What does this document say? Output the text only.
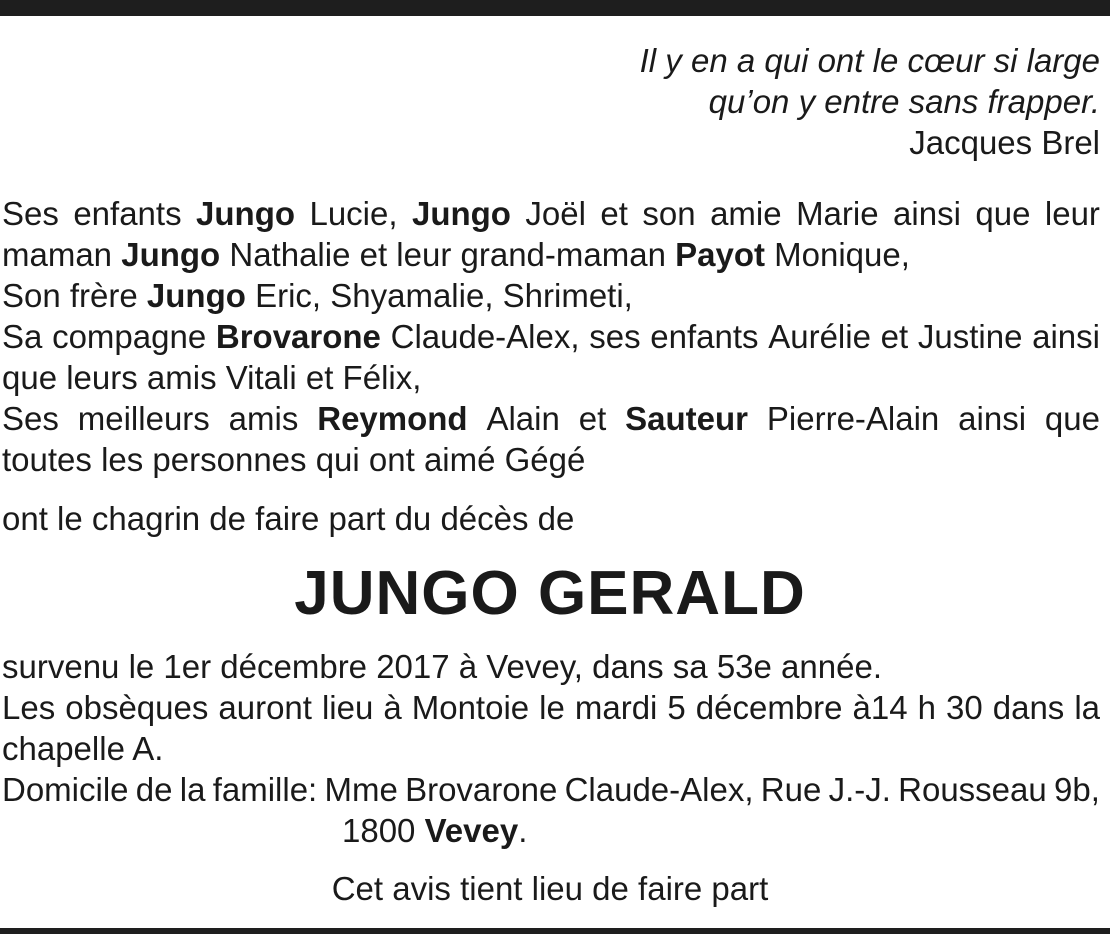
Il y en a qui ont le cœur si large
qu’on y entre sans frapper.
Jacques Brel
Ses enfants Jungo Lucie, Jungo Joël et son amie Marie ainsi que leur
maman Jungo Nathalie et leur grand-maman Payot Monique,
Son frère Jungo Eric, Shyamalie, Shrimeti,
Sa compagne Brovarone Claude-Alex, ses enfants Aurélie et Justine ainsi
que leurs amis Vitali et Félix,
Ses meilleurs amis Reymond Alain et Sauteur Pierre-Alain ainsi que
toutes les personnes qui ont aimé Gégé
ont le chagrin de faire part du décès de
JUNGO GERALD
survenu le 1er décembre 2017 à Vevey, dans sa 53e année.
Les obsèques auront lieu à Montoie le mardi 5 décembre à14 h 30 dans la
chapelle A.
Domicile de la famille: Mme Brovarone Claude-Alex, Rue J.-J. Rousseau 9b,
1800 Vevey.
Cet avis tient lieu de faire part
